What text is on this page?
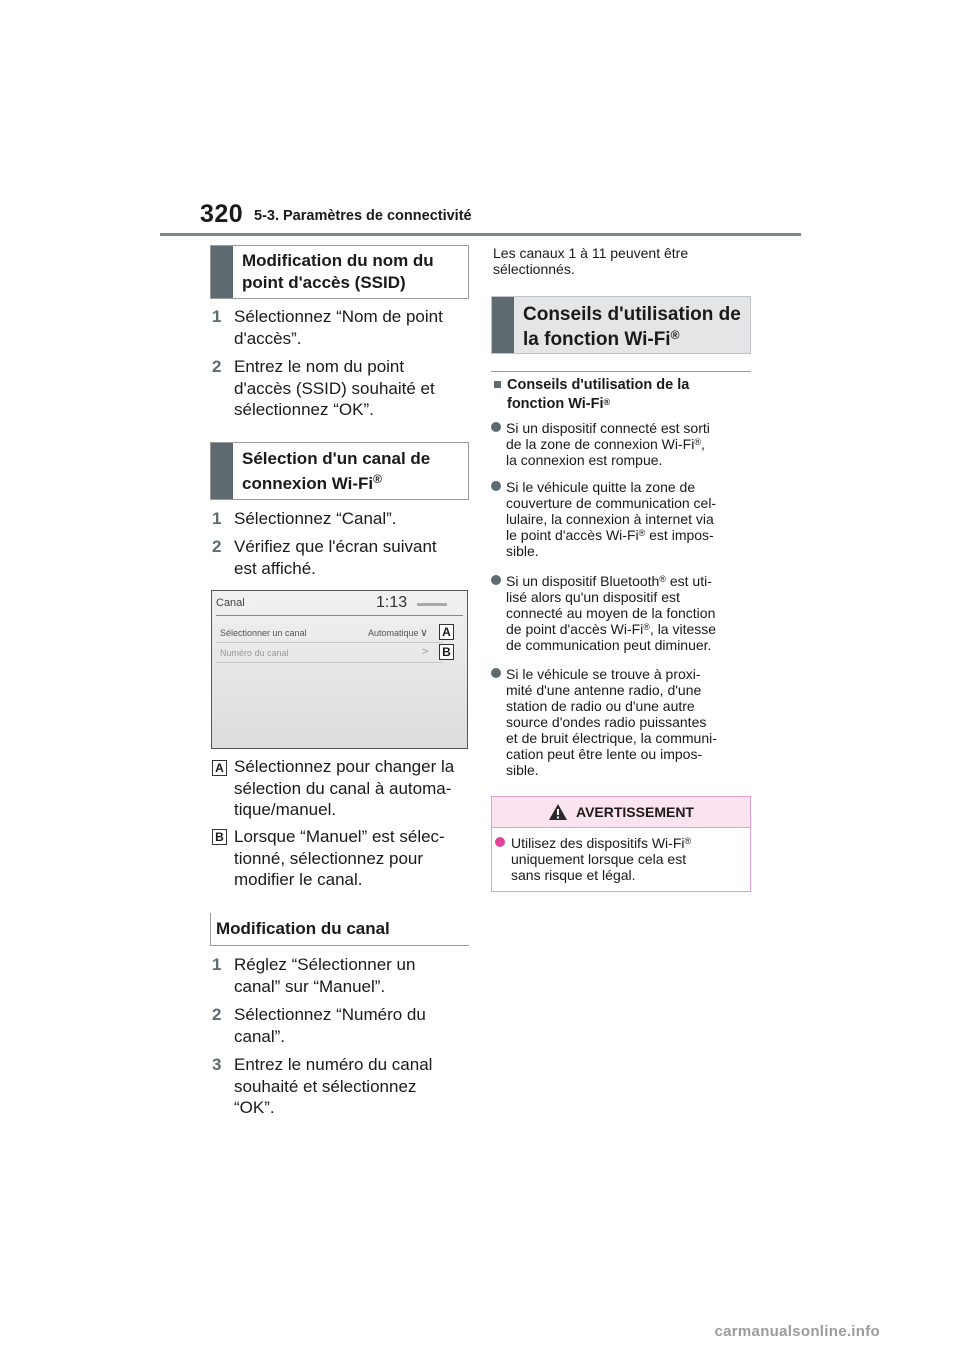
320 5-3. Paramètres de connectivité
Modification du nom du
point d'accès (SSID)
1 Sélectionnez “Nom de point
d'accès”.
2 Entrez le nom du point
d'accès (SSID) souhaité et
sélectionnez “OK”.
Sélection d'un canal de
connexion Wi-Fi®
1 Sélectionnez “Canal”.
2 Vérifiez que l'écran suivant
est affiché.
Canal	1:13
Sélectionner un canal	Automatique ∨
Numéro du canal	>
A
B
A Sélectionnez pour changer la
sélection du canal à automa-
tique/manuel.
B Lorsque “Manuel” est sélec-
tionné, sélectionnez pour
modifier le canal.
Modification du canal
1 Réglez “Sélectionner un
canal” sur “Manuel”.
2 Sélectionnez “Numéro du
canal”.
3 Entrez le numéro du canal
souhaité et sélectionnez
“OK”.
Les canaux 1 à 11 peuvent être
sélectionnés.
Conseils d'utilisation de
la fonction Wi-Fi®
■ Conseils d'utilisation de la
fonction Wi-Fi®
Si un dispositif connecté est sorti
de la zone de connexion Wi-Fi®,
la connexion est rompue.
Si le véhicule quitte la zone de
couverture de communication cel-
lulaire, la connexion à internet via
le point d'accès Wi-Fi® est impos-
sible.
Si un dispositif Bluetooth® est uti-
lisé alors qu'un dispositif est
connecté au moyen de la fonction
de point d'accès Wi-Fi®, la vitesse
de communication peut diminuer.
Si le véhicule se trouve à proxi-
mité d'une antenne radio, d'une
station de radio ou d'une autre
source d'ondes radio puissantes
et de bruit électrique, la communi-
cation peut être lente ou impos-
sible.
AVERTISSEMENT
Utilisez des dispositifs Wi-Fi®
uniquement lorsque cela est
sans risque et légal.
carmanualsonline.info
